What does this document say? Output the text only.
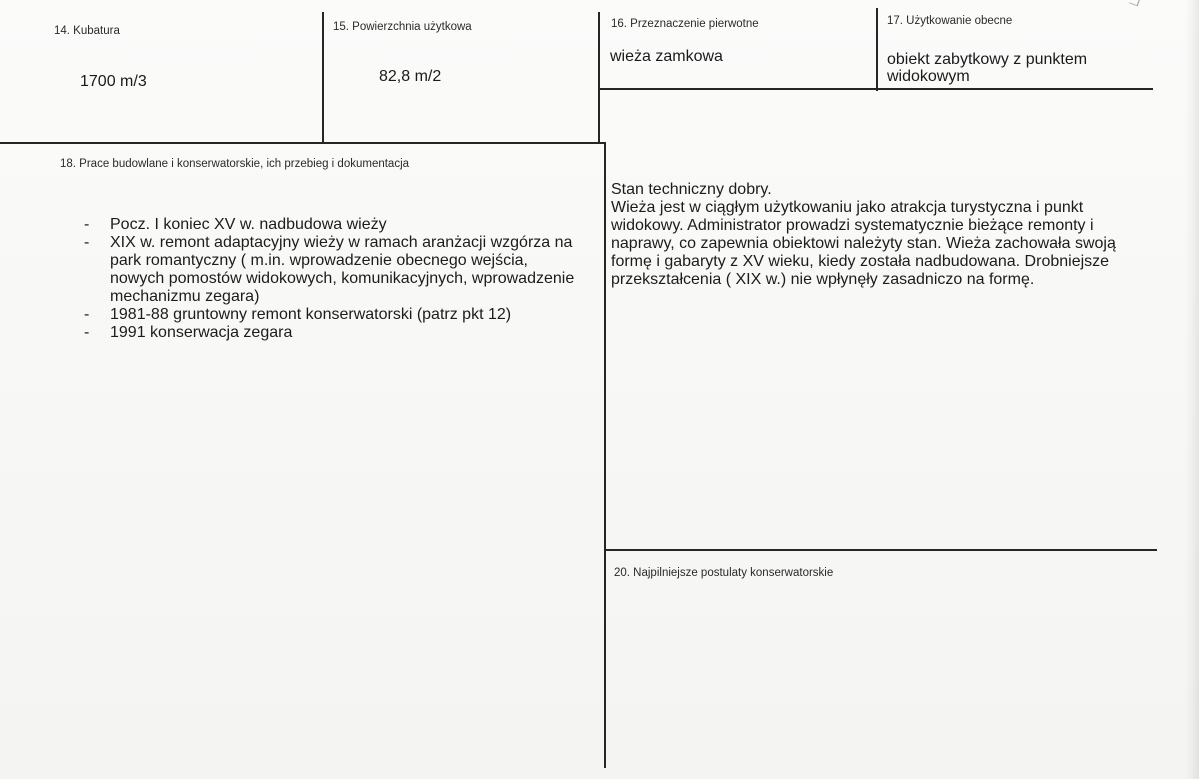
14. Kubatura
1700 m/3
15. Powierzchnia użytkowa
82,8 m/2
16. Przeznaczenie pierwotne
wieża zamkowa
17. Użytkowanie obecne
obiekt zabytkowy z punktem widokowym
18. Prace budowlane i konserwatorskie, ich przebieg i dokumentacja
- Pocz. I koniec XV w. nadbudowa wieży
- XIX w. remont adaptacyjny wieży w ramach aranżacji wzgórza na park romantyczny ( m.in. wprowadzenie obecnego wejścia, nowych pomostów widokowych, komunikacyjnych, wprowadzenie mechanizmu zegara)
- 1981-88 gruntowny remont konserwatorski (patrz pkt 12)
- 1991 konserwacja zegara

Stan techniczny dobry.

Wieża jest w ciągłym użytkowaniu jako atrakcja turystyczna i punkt widokowy. Administrator prowadzi systematycznie bieżące remonty i naprawy, co zapewnia obiektowi należyty stan. Wieża zachowała swoją formę i gabaryty z XV wieku, kiedy została nadbudowana. Drobniejsze przekształcenia ( XIX w.) nie wpłynęły zasadniczo na formę.

20. Najpilniejsze postulaty konserwatorskie
